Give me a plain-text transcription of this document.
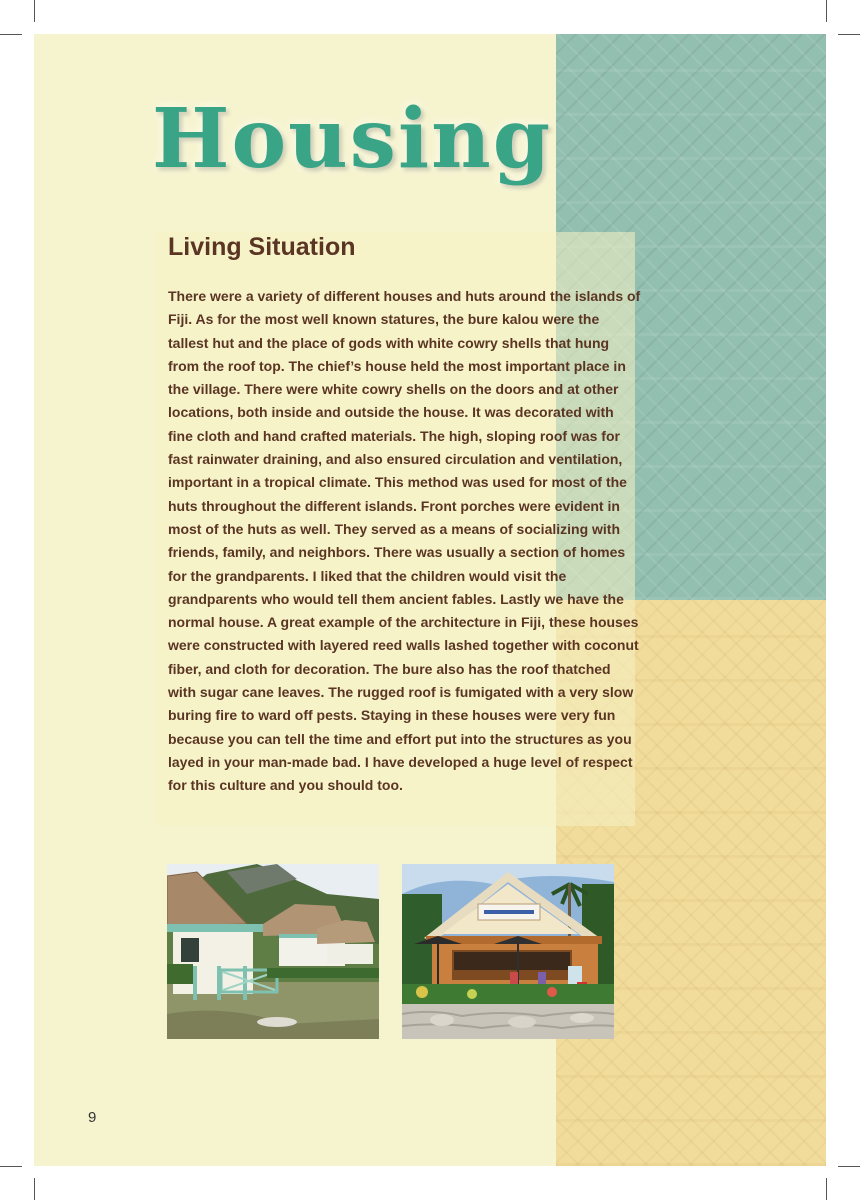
Housing
Living Situation

There were a variety of different houses and huts around the islands of Fiji. As for the most well known statures, the bure kalou were the tallest hut and the place of gods with white cowry shells that hung from the roof top. The chief’s house held the most important place in the village. There were white cowry shells on the doors and at other locations, both inside and outside the house. It was decorated with fine cloth and hand crafted materials. The high, sloping roof was for fast rainwater draining, and also ensured circulation and ventilation, important in a tropical climate. This method was used for most of the huts throughout the different islands. Front porches were evident in most of the huts as well. They served as a means of socializing with friends, family, and neighbors. There was usually a section of homes for the grandparents. I liked that the children would visit the grandparents who would tell them ancient fables. Lastly we have the normal house. A great example of the architecture in Fiji, these houses were constructed with layered reed walls lashed together with coconut fiber, and cloth for decoration. The bure also has the roof thatched with sugar cane leaves. The rugged roof is fumigated with a very slow buring fire to ward off pests. Staying in these houses were very fun because you can tell the time and effort put into the structures as you layed in your man-made bad. I have developed a huge level of respect for this culture and you should too.

9
